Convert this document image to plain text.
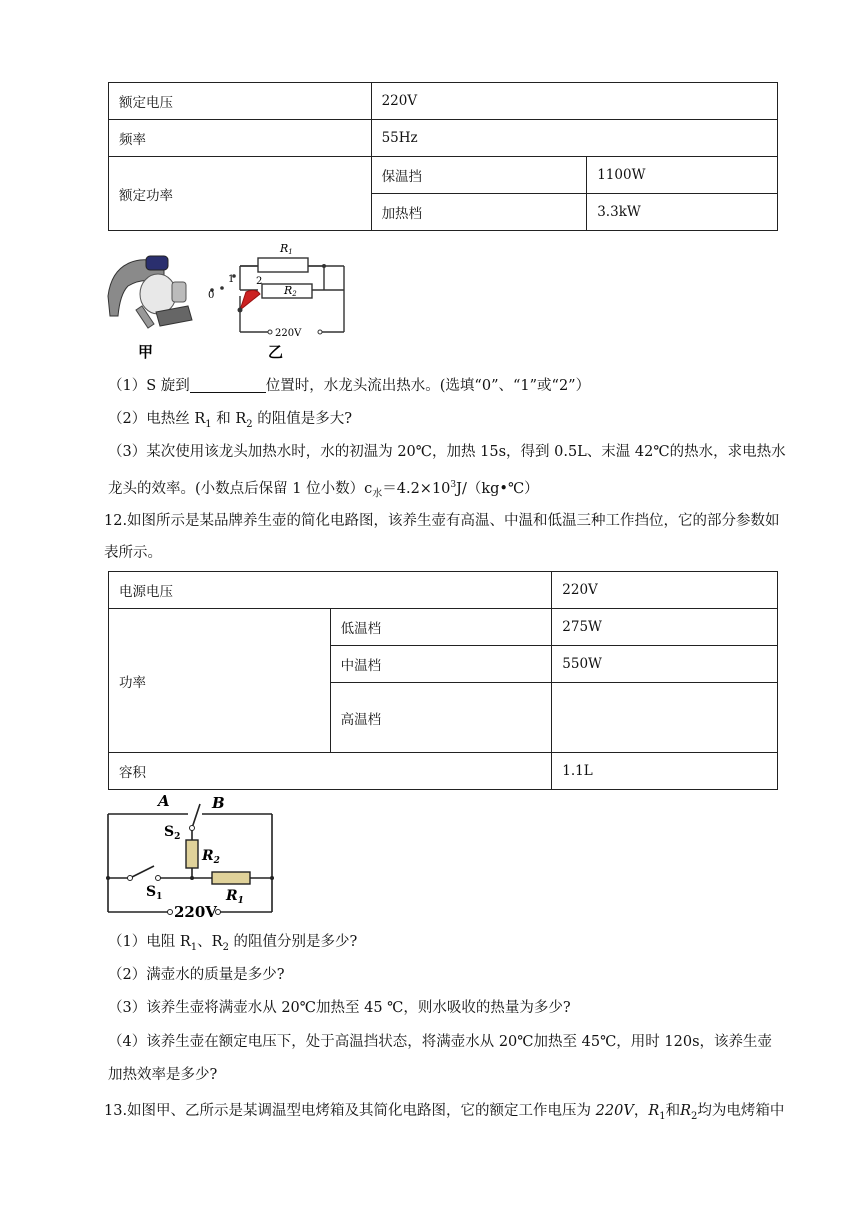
额定电压	220V	
频率	55Hz	
额定功率	保温挡	1100W
	加热档	3.3kW
甲
R1
R2
0
1 2
220V
乙
（1）S 旋到	位置时，水龙头流出热水。(选填“0”、“1”或“2”）
（2）电热丝 $R_1$ 和 $R_2$ 的阻值是多大?
（3）某次使用该龙头加热水时，水的初温为 20℃，加热 15s，得到 0.5L、末温 42℃的热水，求电热水
龙头的效率。(小数点后保留 1 位小数）$c_水=4.2\times 10^3J/(kg•℃)$
12.如图所示是某品牌养生壶的简化电路图，该养生壶有高温、中温和低温三种工作挡位，它的部分参数如
表所示。
电源电压		220V
功率	低温档	275W
	中温档	550W
	高温档	
容积		1.1L
A	B
$S_2$
$R_2$
$S_1$	$R_1$
220V
（1）电阻 $R_1$、$R_2$ 的阻值分别是多少?
（2）满壶水的质量是多少?
（3）该养生壶将满壶水从 20℃加热至 45 ℃，则水吸收的热量为多少?
（4）该养生壶在额定电压下，处于高温挡状态，将满壶水从 20℃加热至 45℃，用时 120s，该养生壶
加热效率是多少?
13.如图甲、乙所示是某调温型电烤箱及其简化电路图，它的额定工作电压为 220V，$R_1$和$R_2$均为电烤箱中
